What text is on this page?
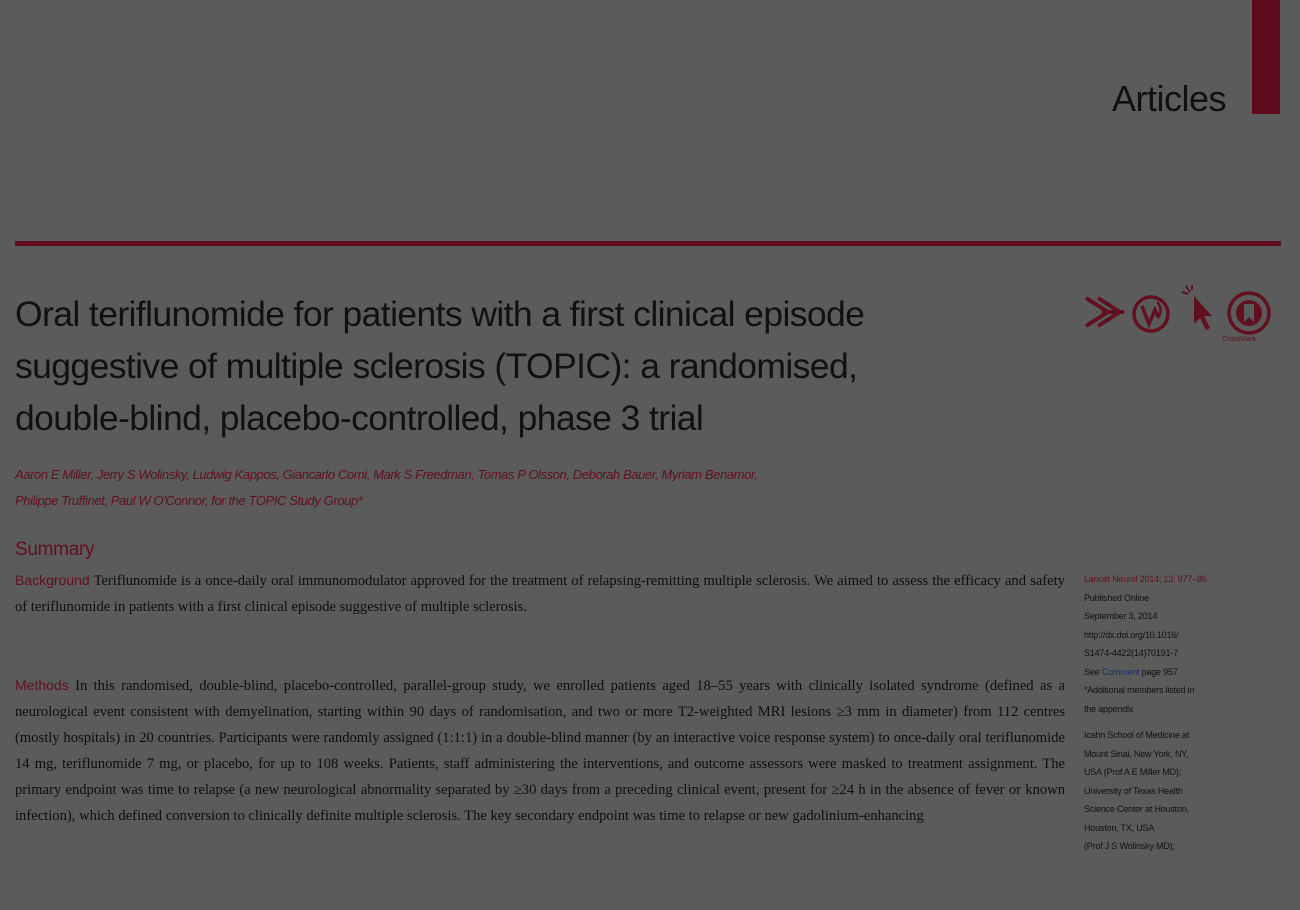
Articles
Oral teriflunomide for patients with a first clinical episode
suggestive of multiple sclerosis (TOPIC): a randomised,
double-blind, placebo-controlled, phase 3 trial
CrossMark
Aaron E Miller, Jerry S Wolinsky, Ludwig Kappos, Giancarlo Comi, Mark S Freedman, Tomas P Olsson, Deborah Bauer, Myriam Benamor,
Philippe Truffinet, Paul W O'Connor, for the TOPIC Study Group*
Summary

Background Teriflunomide is a once-daily oral immunomodulator approved for the treatment of relapsing-remitting multiple sclerosis. We aimed to assess the efficacy and safety of teriflunomide in patients with a first clinical episode suggestive of multiple sclerosis.

Methods In this randomised, double-blind, placebo-controlled, parallel-group study, we enrolled patients aged 18–55 years with clinically isolated syndrome (defined as a neurological event consistent with demyelination, starting within 90 days of randomisation, and two or more T2-weighted MRI lesions ≥3 mm in diameter) from 112 centres (mostly hospitals) in 20 countries. Participants were randomly assigned (1:1:1) in a double-blind manner (by an interactive voice response system) to once-daily oral teriflunomide 14 mg, teriflunomide 7 mg, or placebo, for up to 108 weeks. Patients, staff administering the interventions, and outcome assessors were masked to treatment assignment. The primary endpoint was time to relapse (a new neurological abnormality separated by ≥30 days from a preceding clinical event, present for ≥24 h in the absence of fever or known infection), which defined conversion to clinically definite multiple sclerosis. The key secondary endpoint was time to relapse or new gadolinium-enhancing

Lancet Neurol 2014; 13: 977–86
Published Online
September 3, 2014
http://dx.doi.org/10.1016/
S1474-4422(14)70191-7
See Comment page 957
*Additional members listed in
the appendix
Icahn School of Medicine at
Mount Sinai, New York, NY,
USA (Prof A E Miller MD);
University of Texas Health
Science Center at Houston,
Houston, TX, USA
(Prof J S Wolinsky MD);
